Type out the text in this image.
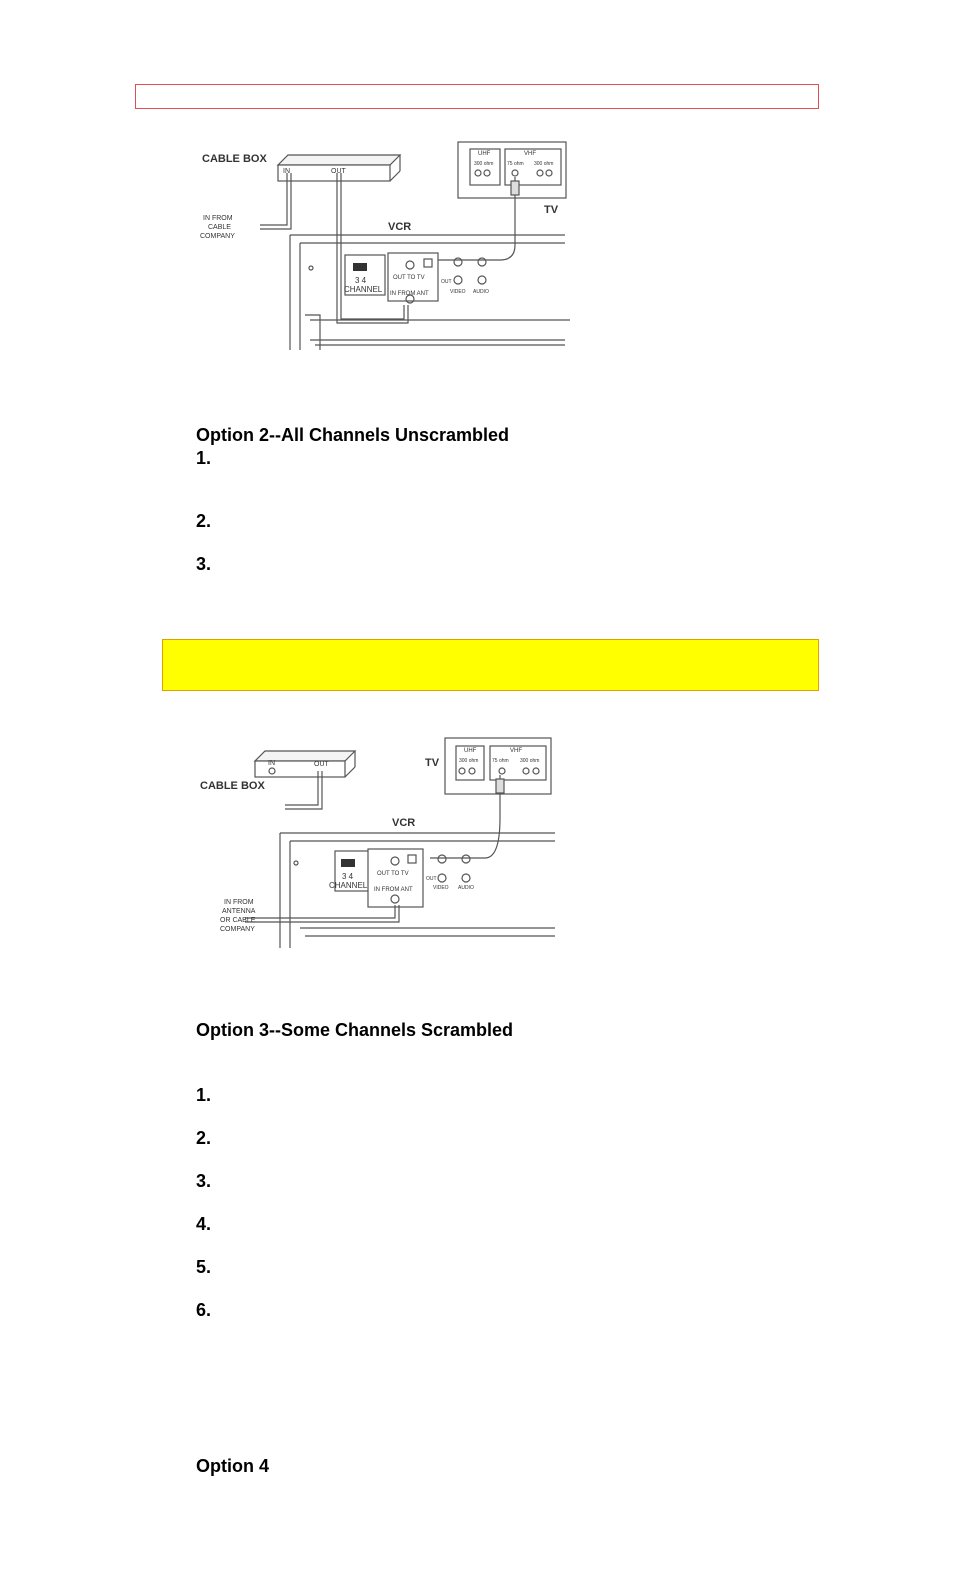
CABLE BOX
IN	OUT
IN FROM
CABLE
COMPANY
VCR
TV
UHF	VHF
300 ohm	75 ohm 300 ohm
3 4
CHANNEL
OUT TO TV
IN FROM ANT
OUT
VIDEO AUDIO
Option 2--All Channels Unscrambled
1.
2.
3.
CABLE BOX
IN	OUT	TV
UHF	VHF
300 ohm	75 ohm 300 ohm
VCR
3 4
CHANNEL
OUT TO TV
IN FROM ANT
OUT
VIDEO AUDIO
IN FROM
ANTENNA
OR CABLE
COMPANY
Option 3--Some Channels Scrambled
1.
2.
3.
4.
5.
6.
Option 4
